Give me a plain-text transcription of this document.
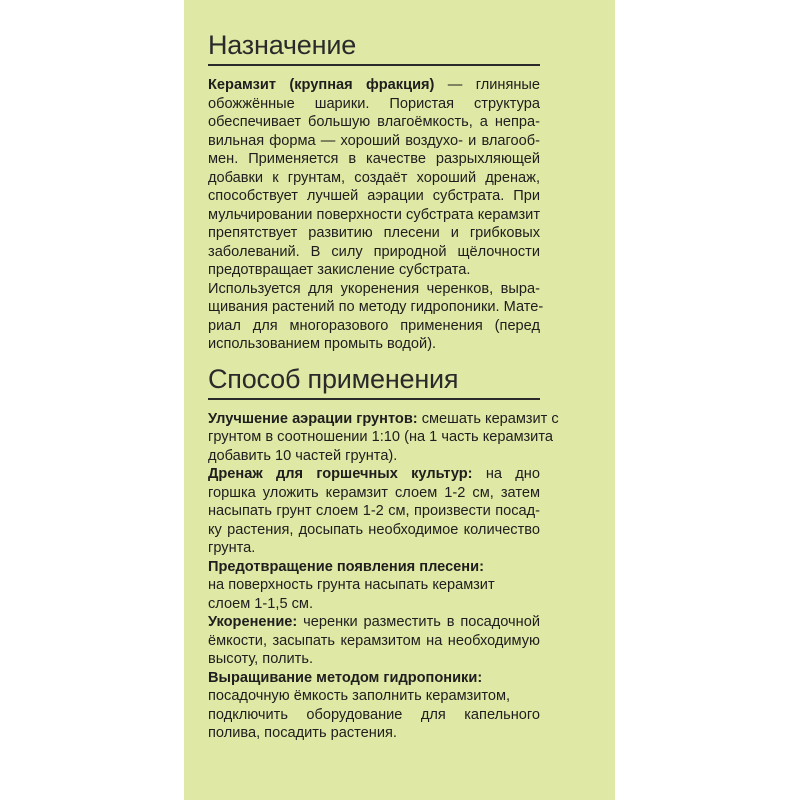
Назначение
Керамзит (крупная фракция) — глиняные
обожжённые шарики. Пористая структура
обеспечивает большую влагоёмкость, а непра-
вильная форма — хороший воздухо- и влагооб-
мен. Применяется в качестве разрыхляющей
добавки к грунтам, создаёт хороший дренаж,
способствует лучшей аэрации субстрата. При
мульчировании поверхности субстрата керамзит
препятствует развитию плесени и грибковых
заболеваний. В силу природной щёлочности
предотвращает закисление субстрата.
Используется для укоренения черенков, выра-
щивания растений по методу гидропоники. Мате-
риал для многоразового применения (перед
использованием промыть водой).
Способ применения
Улучшение аэрации грунтов: смешать керамзит с
грунтом в соотношении 1:10 (на 1 часть керамзита
добавить 10 частей грунта).
Дренаж для горшечных культур: на дно
горшка уложить керамзит слоем 1-2 см, затем
насыпать грунт слоем 1-2 см, произвести посад-
ку растения, досыпать необходимое количество
грунта.
Предотвращение появления плесени:
на поверхность грунта насыпать керамзит
слоем 1-1,5 см.
Укоренение: черенки разместить в посадочной
ёмкости, засыпать керамзитом на необходимую
высоту, полить.
Выращивание методом гидропоники:
посадочную ёмкость заполнить керамзитом,
подключить оборудование для капельного
полива, посадить растения.
